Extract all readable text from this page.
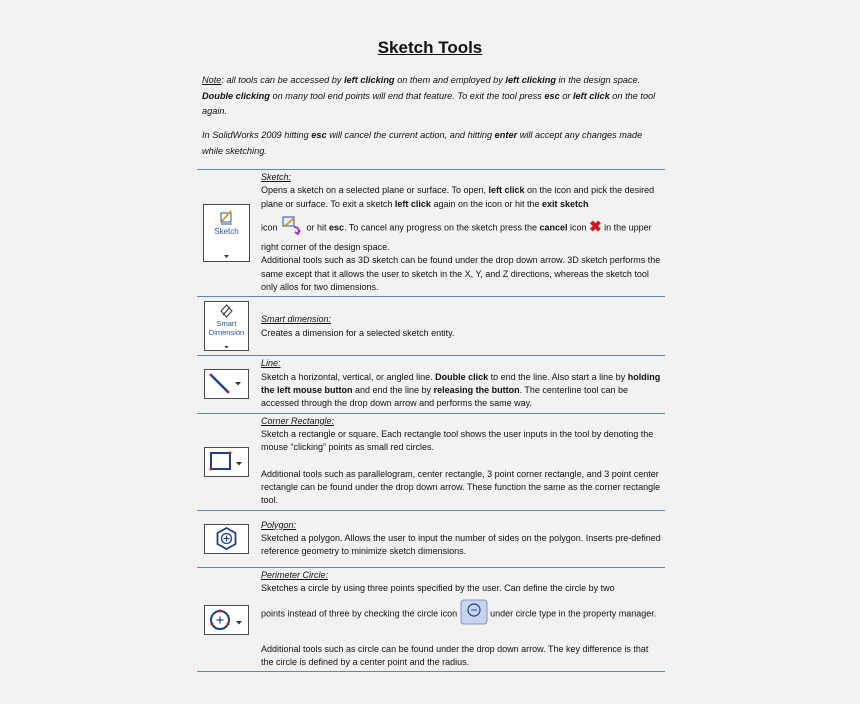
Sketch Tools

Note: all tools can be accessed by left clicking on them and employed by left clicking in the design space. Double clicking on many tool end points will end that feature. To exit the tool press esc or left click on the tool again.

In SolidWorks 2009 hitting esc will cancel the current action, and hitting enter will accept any changes made while sketching.

Sketch

Sketch:

Opens a sketch on a selected plane or surface. To open, left click on the icon and pick the desired plane or surface. To exit a sketch left click again on the icon or hit the exit sketch

icon	or hit esc. To cancel any progress on the sketch press the cancel icon ✖ in the upper right corner of the design space.

Additional tools such as 3D sketch can be found under the drop down arrow. 3D sketch performs the same except that it allows the user to sketch in the X, Y, and Z directions, whereas the sketch tool only allos for two dimensions.

Smart
Dimension

Smart dimension:

Creates a dimension for a selected sketch entity.

Line:

Sketch a horizontal, vertical, or angled line. Double click to end the line. Also start a line by holding the left mouse button and end the line by releasing the button. The centerline tool can be accessed through the drop down arrow and performs the same way.

Corner Rectangle:

Sketch a rectangle or square. Each rectangle tool shows the user inputs in the tool by denoting the mouse “clicking” points as small red circles.

Additional tools such as parallelogram, center rectangle, 3 point corner rectangle, and 3 point center rectangle can be found under the drop down arrow. These function the same as the corner rectangle tool.

Polygon:

Sketched a polygon. Allows the user to input the number of sides on the polygon. Inserts pre-defined reference geometry to minimize sketch dimensions.

Perimeter Circle:

Sketches a circle by using three points specified by the user. Can define the circle by two

points instead of three by checking the circle icon	under circle type in the property manager.

Additional tools such as circle can be found under the drop down arrow. The key difference is that the circle is defined by a center point and the radius.
